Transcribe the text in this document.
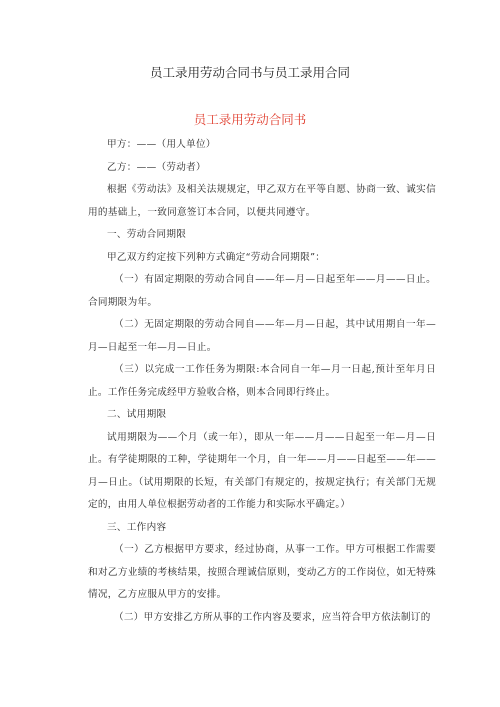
员工录用劳动合同书与员工录用合同
员工录用劳动合同书

甲方：——（用人单位）

乙方：——（劳动者）

根据《劳动法》及相关法规规定，甲乙双方在平等自愿、协商一致、诚实信用的基础上，一致同意签订本合同，以便共同遵守。

一、劳动合同期限

甲乙双方约定按下列种方式确定“劳动合同期限”：

（一）有固定期限的劳动合同自——年—月—日起至年——月——日止。合同期限为年。

（二）无固定期限的劳动合同自——年—月—日起，其中试用期自一年—月—日起至一年—月—日止。

（三）以完成一工作任务为期限:本合同自一年—月一日起,预计至年月日止。工作任务完成经甲方验收合格，则本合同即行终止。

二、试用期限

试用期限为——个月（或一年），即从一年——月——日起至一年—月—日止。有学徒期限的工种，学徒期年一个月，自一年——月——日起至——年——月—日止。（试用期限的长短，有关部门有规定的，按规定执行；有关部门无规定的，由用人单位根据劳动者的工作能力和实际水平确定。）

三、工作内容

（一）乙方根据甲方要求，经过协商，从事一工作。甲方可根据工作需要和对乙方业绩的考核结果，按照合理诚信原则，变动乙方的工作岗位，如无特殊情况，乙方应服从甲方的安排。

（二）甲方安排乙方所从事的工作内容及要求，应当符合甲方依法制订的
